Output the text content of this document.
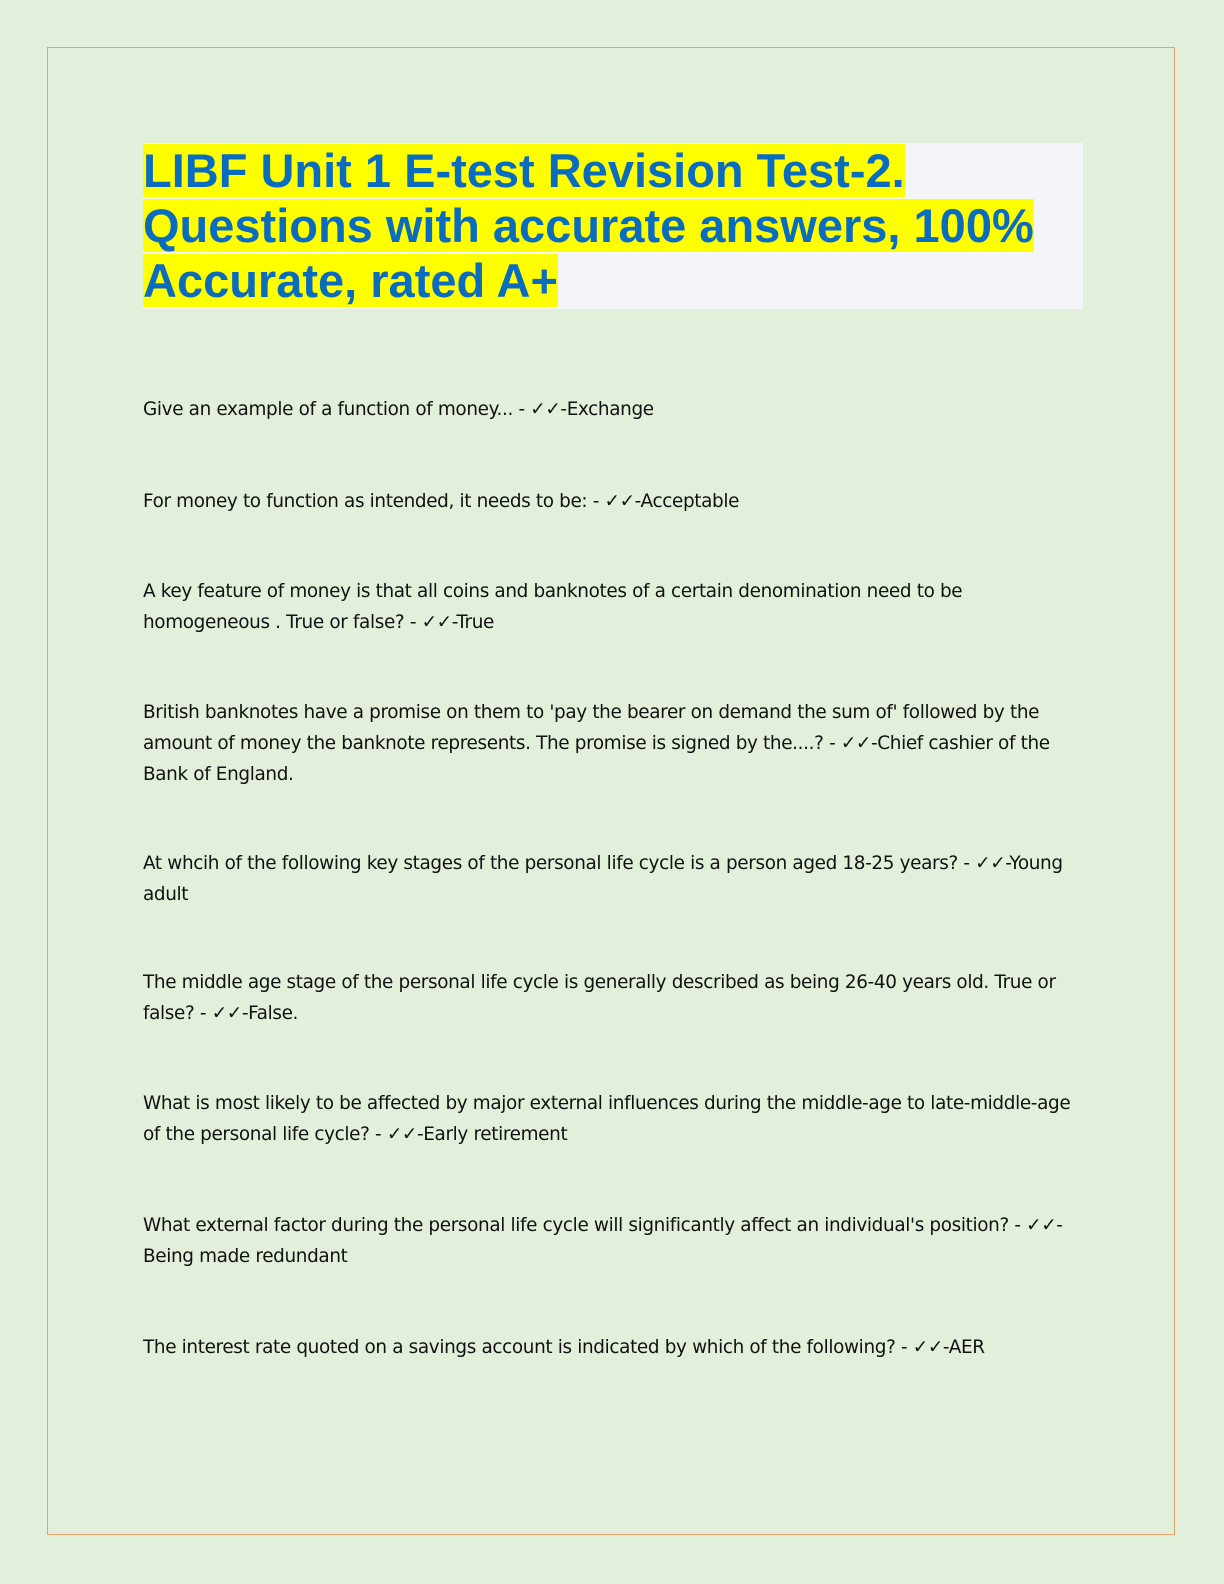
LIBF Unit 1 E-test Revision Test-2.
Questions with accurate answers, 100%
Accurate, rated A+

Give an example of a function of money... - ✓✓-Exchange

For money to function as intended, it needs to be: - ✓✓-Acceptable

A key feature of money is that all coins and banknotes of a certain denomination need to be homogeneous . True or false? - ✓✓-True

British banknotes have a promise on them to 'pay the bearer on demand the sum of' followed by the amount of money the banknote represents. The promise is signed by the....? - ✓✓-Chief cashier of the Bank of England.

At whcih of the following key stages of the personal life cycle is a person aged 18-25 years? - ✓✓-Young adult

The middle age stage of the personal life cycle is generally described as being 26-40 years old. True or false? - ✓✓-False.

What is most likely to be affected by major external influences during the middle-age to late-middle-age of the personal life cycle? - ✓✓-Early retirement

What external factor during the personal life cycle will significantly affect an individual's position? - ✓✓-Being made redundant

The interest rate quoted on a savings account is indicated by which of the following? - ✓✓-AER
